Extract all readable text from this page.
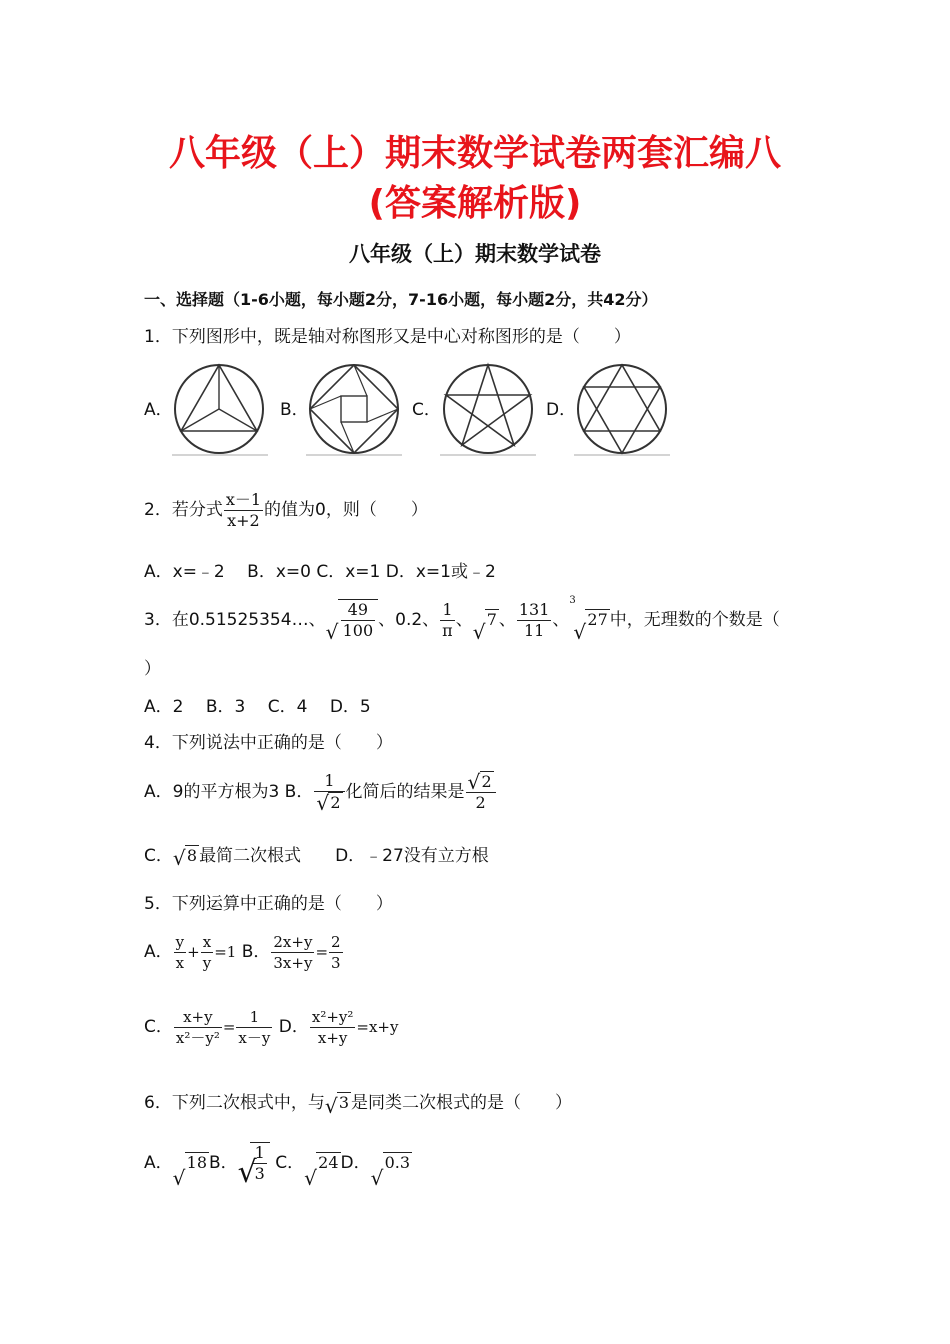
八年级（上）期末数学试卷两套汇编八
(答案解析版)
八年级（上）期末数学试卷
一、选择题（1-6小题，每小题2分，7-16小题，每小题2分，共42分）
1．下列图形中，既是轴对称图形又是中心对称图形的是（　　）
A．	B．	C．	D．
2．若分式 $\frac{x-1}{x+2}$ 的值为0，则（　　）
A．x=﹣2　 B．x=0 C．x=1 D．x=1或﹣2
3．在0.51525354…、 √ $\frac{49}{100}$ 、0.2、 $\frac{1}{\pi}$ 、 √
7 、 $\frac{131}{11}$ 、
3
√
27 中，无理数的个数是（
）
A．2　 B．3　 C．4　 D．5
4．下列说法中正确的是（　　）
A．9的平方根为3 B． $\frac{1}{√ 2}$ 化简后的结果是 $\frac{√ 2}{2}$
C． √ 8 最简二次根式　　 D．﹣27没有立方根
5．下列运算中正确的是（　　）
A． $\frac{y}{x} + \frac{x}{y} =1$ B． $\frac{2x+y}{3x+y} = \frac{2}{3}$
C． $\frac{x+y}{\text{x²－y²}} = \frac{1}{x-y}$ D． $\frac{\text{x²+y²}}{x+y} =x+y$
6．下列二次根式中，与 √ 3 是同类二次根式的是（　　）
A．
√
18 B． √
$\frac{1}{3}$ C．
√
24 D．
√
0.3
